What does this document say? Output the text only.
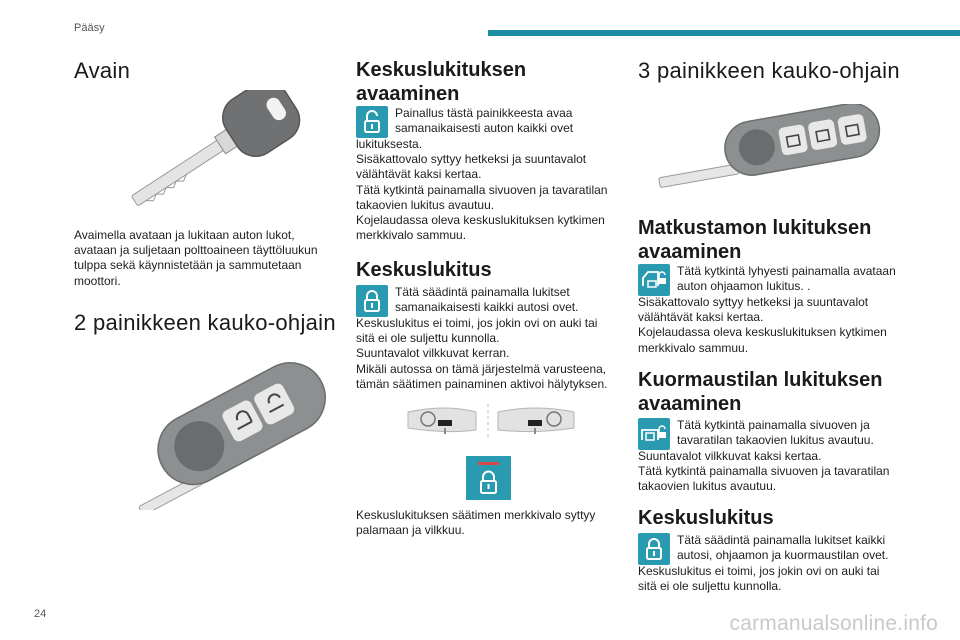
Pääsy
24	carmanualsonline.info
Avain
Avaimella avataan ja lukitaan auton lukot,
avataan ja suljetaan polttoaineen täyttöluukun
tulppa sekä käynnistetään ja sammutetaan
moottori.
2 painikkeen kauko-ohjain
Keskuslukituksen
avaaminen
Painallus tästä painikkeesta avaa
samanaikaisesti auton kaikki ovet
lukituksesta.
Sisäkattovalo syttyy hetkeksi ja suuntavalot
välähtävät kaksi kertaa.
Tätä kytkintä painamalla sivuoven ja tavaratilan
takaovien lukitus avautuu.
Kojelaudassa oleva keskuslukituksen kytkimen
merkkivalo sammuu.
Keskuslukitus
Tätä säädintä painamalla lukitset
samanaikaisesti kaikki autosi ovet.
Keskuslukitus ei toimi, jos jokin ovi on auki tai
sitä ei ole suljettu kunnolla.
Suuntavalot vilkkuvat kerran.
Mikäli autossa on tämä järjestelmä varusteena,
tämän säätimen painaminen aktivoi hälytyksen.
Keskuslukituksen säätimen merkkivalo syttyy
palamaan ja vilkkuu.
3 painikkeen kauko-ohjain
Matkustamon lukituksen
avaaminen
Tätä kytkintä lyhyesti painamalla avataan
auton ohjaamon lukitus. .
Sisäkattovalo syttyy hetkeksi ja suuntavalot
välähtävät kaksi kertaa.
Kojelaudassa oleva keskuslukituksen kytkimen
merkkivalo sammuu.
Kuormaustilan lukituksen
avaaminen
Tätä kytkintä painamalla sivuoven ja
tavaratilan takaovien lukitus avautuu.
Suuntavalot vilkkuvat kaksi kertaa.
Tätä kytkintä painamalla sivuoven ja tavaratilan
takaovien lukitus avautuu.
Keskuslukitus
Tätä säädintä painamalla lukitset kaikki
autosi, ohjaamon ja kuormaustilan ovet.
Keskuslukitus ei toimi, jos jokin ovi on auki tai
sitä ei ole suljettu kunnolla.
